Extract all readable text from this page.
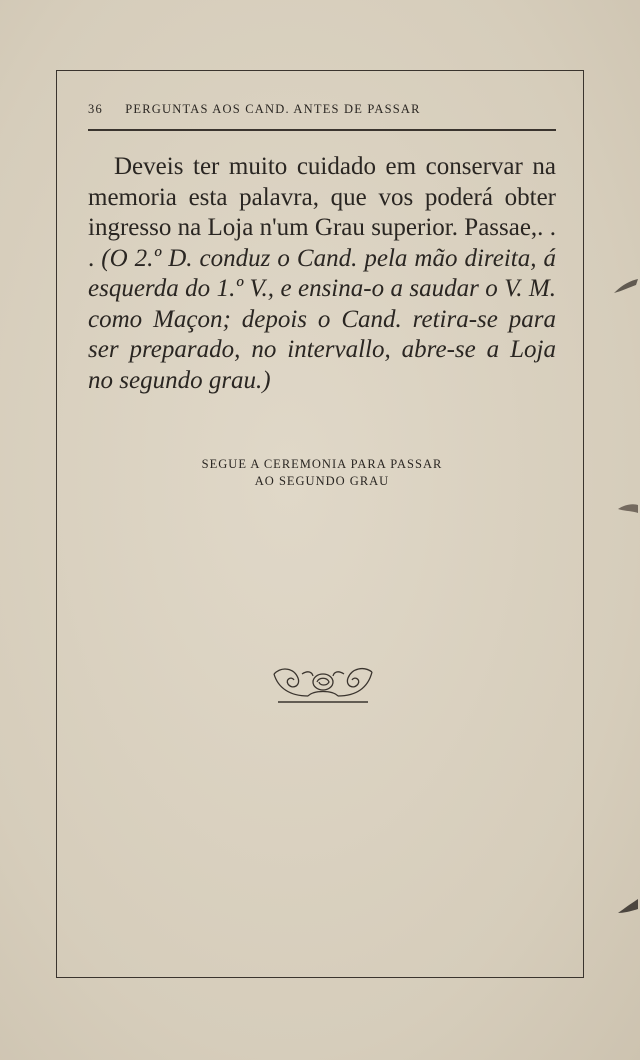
36 PERGUNTAS AOS CAND. ANTES DE PASSAR
Deveis ter muito cuidado em conservar na memoria esta palavra, que vos poderá obter ingresso na Loja n'um Grau superior. Passae,. . . (O 2.º D. conduz o Cand. pela mão direita, á esquerda do 1.º V., e ensina-o a saudar o V. M. como Maçon; depois o Cand. retira-se para ser preparado, no intervallo, abre-se a Loja no segundo grau.)
SEGUE A CEREMONIA PARA PASSAR
AO SEGUNDO GRAU
